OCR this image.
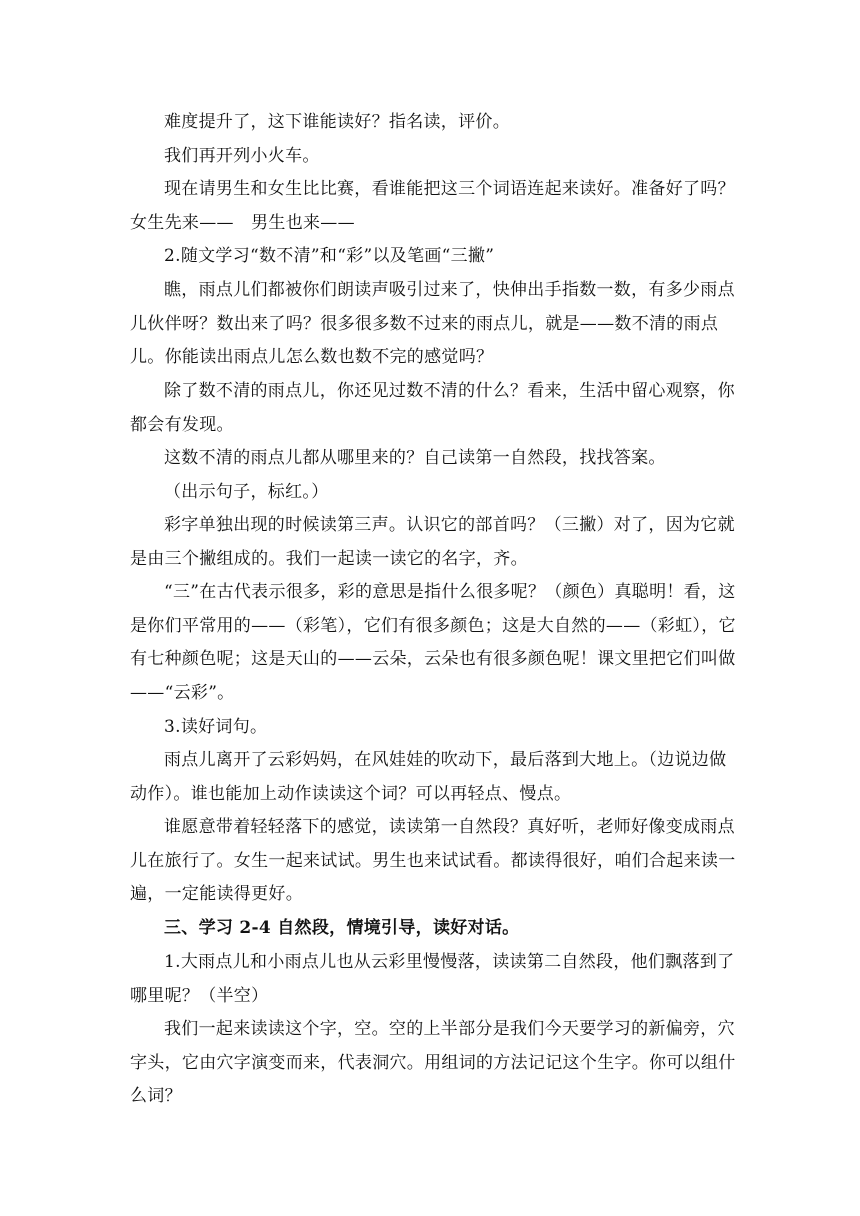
难度提升了，这下谁能读好？指名读，评价。

我们再开列小火车。

现在请男生和女生比比赛，看谁能把这三个词语连起来读好。准备好了吗？女生先来——　男生也来——

2.随文学习“数不清”和“彩”以及笔画“三撇”

瞧，雨点儿们都被你们朗读声吸引过来了，快伸出手指数一数，有多少雨点儿伙伴呀？数出来了吗？很多很多数不过来的雨点儿，就是——数不清的雨点儿。你能读出雨点儿怎么数也数不完的感觉吗？

除了数不清的雨点儿，你还见过数不清的什么？看来，生活中留心观察，你都会有发现。

这数不清的雨点儿都从哪里来的？自己读第一自然段，找找答案。

（出示句子，标红。）

彩字单独出现的时候读第三声。认识它的部首吗？（三撇）对了，因为它就是由三个撇组成的。我们一起读一读它的名字，齐。

“三”在古代表示很多，彩的意思是指什么很多呢？（颜色）真聪明！看，这是你们平常用的——（彩笔），它们有很多颜色；这是大自然的——（彩虹），它有七种颜色呢；这是天山的——云朵，云朵也有很多颜色呢！课文里把它们叫做——“云彩”。

3.读好词句。

雨点儿离开了云彩妈妈，在风娃娃的吹动下，最后落到大地上。（边说边做动作）。谁也能加上动作读读这个词？可以再轻点、慢点。

谁愿意带着轻轻落下的感觉，读读第一自然段？真好听，老师好像变成雨点儿在旅行了。女生一起来试试。男生也来试试看。都读得很好，咱们合起来读一遍，一定能读得更好。

三、学习 2-4 自然段，情境引导，读好对话。

1.大雨点儿和小雨点儿也从云彩里慢慢落，读读第二自然段，他们飘落到了哪里呢？（半空）

我们一起来读读这个字，空。空的上半部分是我们今天要学习的新偏旁，穴字头，它由穴字演变而来，代表洞穴。用组词的方法记记这个生字。你可以组什么词？
